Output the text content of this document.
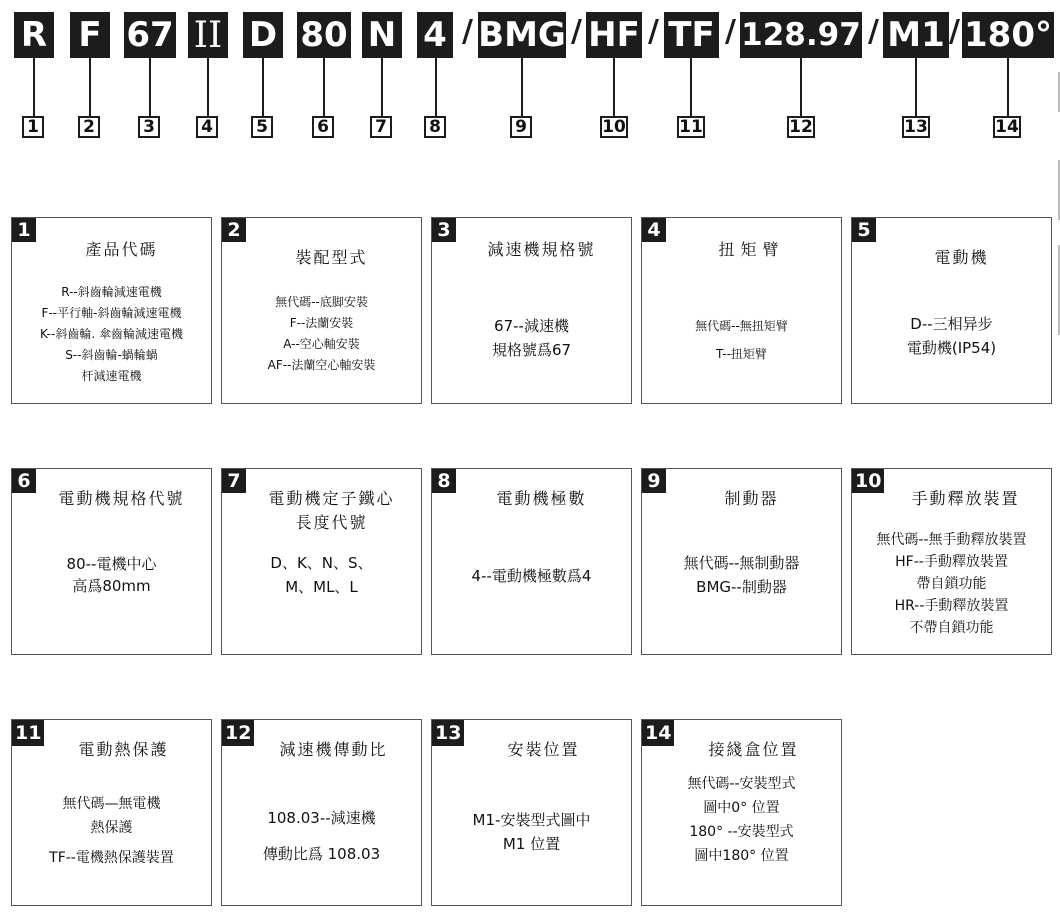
R F 67 II D 80 N 4 / BMG / HF / TF / 128.97 / M1 / 180°
1	2	3	4	5	6	7 8	9	10	11	12	13	14
1
產品代碼
R--斜齒輪減速電機
F--平行軸-斜齒輪減速電機
K--斜齒輪. 傘齒輪減速電機
S--斜齒輪-蝸輪蝸
杆減速電機
2
裝配型式
無代碼--底脚安裝
F--法蘭安裝
A--空心軸安裝
AF--法蘭空心軸安裝
3
減速機規格號
67--減速機
規格號爲67
4
扭矩臂
無代碼--無扭矩臂
T--扭矩臂
5
電動機
D--三相异步
電動機(IP54)
6
電動機規格代號
80--電機中心
高爲80mm
7
電動機定子鐵心
長度代號
D、K、N、S、
M、ML、L
8
電動機極數
4--電動機極數爲4
9
制動器
無代碼--無制動器
BMG--制動器
10
手動釋放裝置
無代碼--無手動釋放裝置
HF--手動釋放裝置
帶自鎖功能
HR--手動釋放裝置
不帶自鎖功能
11
電動熱保護
無代碼—無電機
熱保護
TF--電機熱保護裝置
12
減速機傳動比
108.03--減速機
傳動比爲 108.03
13
安裝位置
M1-安裝型式圖中
M1 位置
14
接綫盒位置
無代碼--安裝型式
圖中0° 位置
180° --安裝型式
圖中180° 位置
